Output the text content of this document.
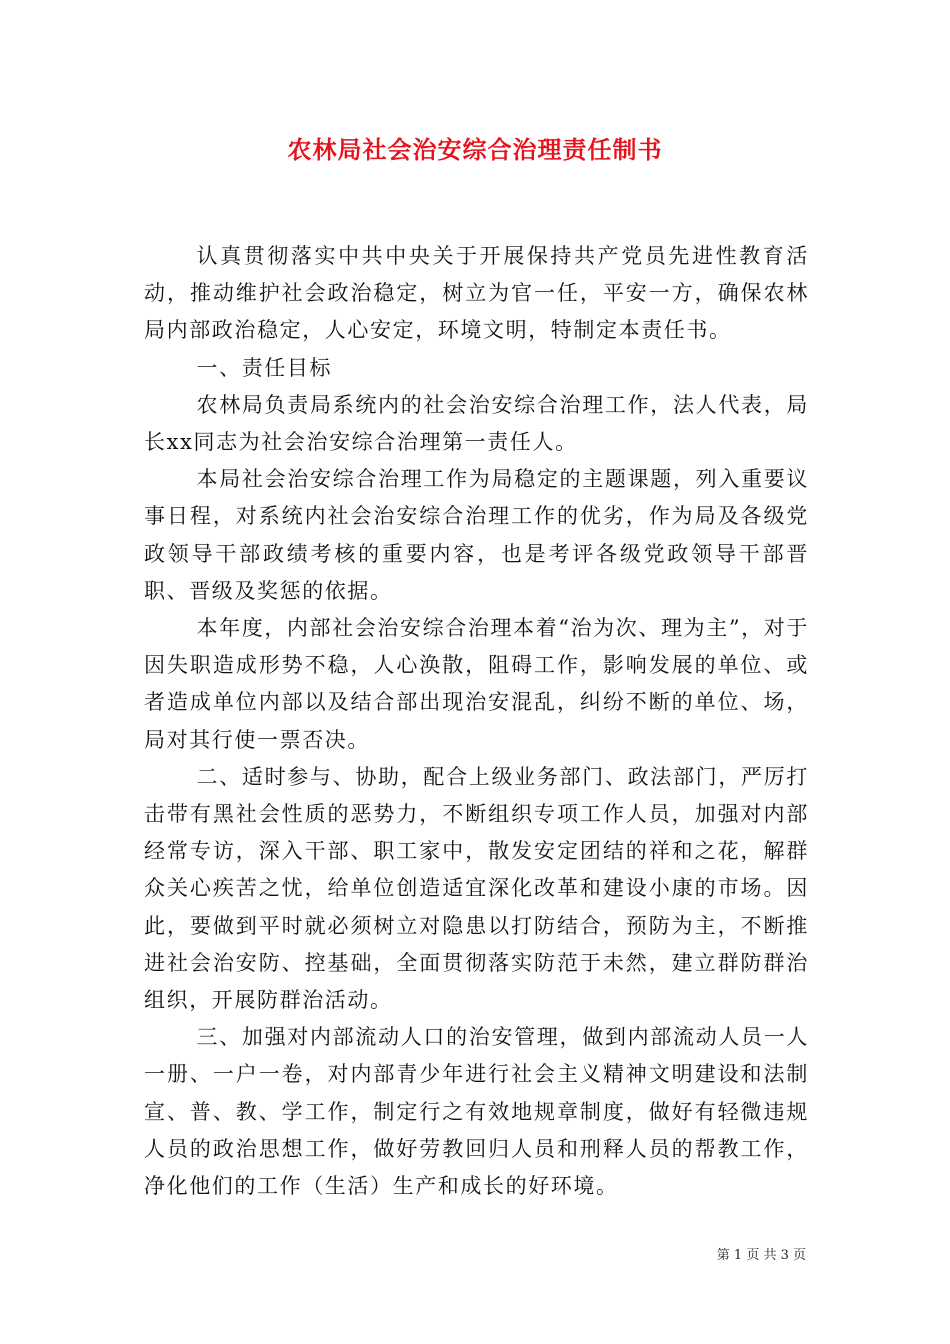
农林局社会治安综合治理责任制书

认真贯彻落实中共中央关于开展保持共产党员先进性教育活动，推动维护社会政治稳定，树立为官一任，平安一方，确保农林局内部政治稳定，人心安定，环境文明，特制定本责任书。

一、责任目标

农林局负责局系统内的社会治安综合治理工作，法人代表，局长xx同志为社会治安综合治理第一责任人。

本局社会治安综合治理工作为局稳定的主题课题，列入重要议事日程，对系统内社会治安综合治理工作的优劣，作为局及各级党政领导干部政绩考核的重要内容，也是考评各级党政领导干部晋职、晋级及奖惩的依据。

本年度，内部社会治安综合治理本着“治为次、理为主”，对于因失职造成形势不稳，人心涣散，阻碍工作，影响发展的单位、或者造成单位内部以及结合部出现治安混乱，纠纷不断的单位、场，局对其行使一票否决。

二、适时参与、协助，配合上级业务部门、政法部门，严厉打击带有黑社会性质的恶势力，不断组织专项工作人员，加强对内部经常专访，深入干部、职工家中，散发安定团结的祥和之花，解群众关心疾苦之忧，给单位创造适宜深化改革和建设小康的市场。因此，要做到平时就必须树立对隐患以打防结合，预防为主，不断推进社会治安防、控基础，全面贯彻落实防范于未然，建立群防群治组织，开展防群治活动。

三、加强对内部流动人口的治安管理，做到内部流动人员一人一册、一户一卷，对内部青少年进行社会主义精神文明建设和法制宣、普、教、学工作，制定行之有效地规章制度，做好有轻微违规人员的政治思想工作，做好劳教回归人员和刑释人员的帮教工作，净化他们的工作（生活）生产和成长的好环境。

第 1 页 共 3 页
